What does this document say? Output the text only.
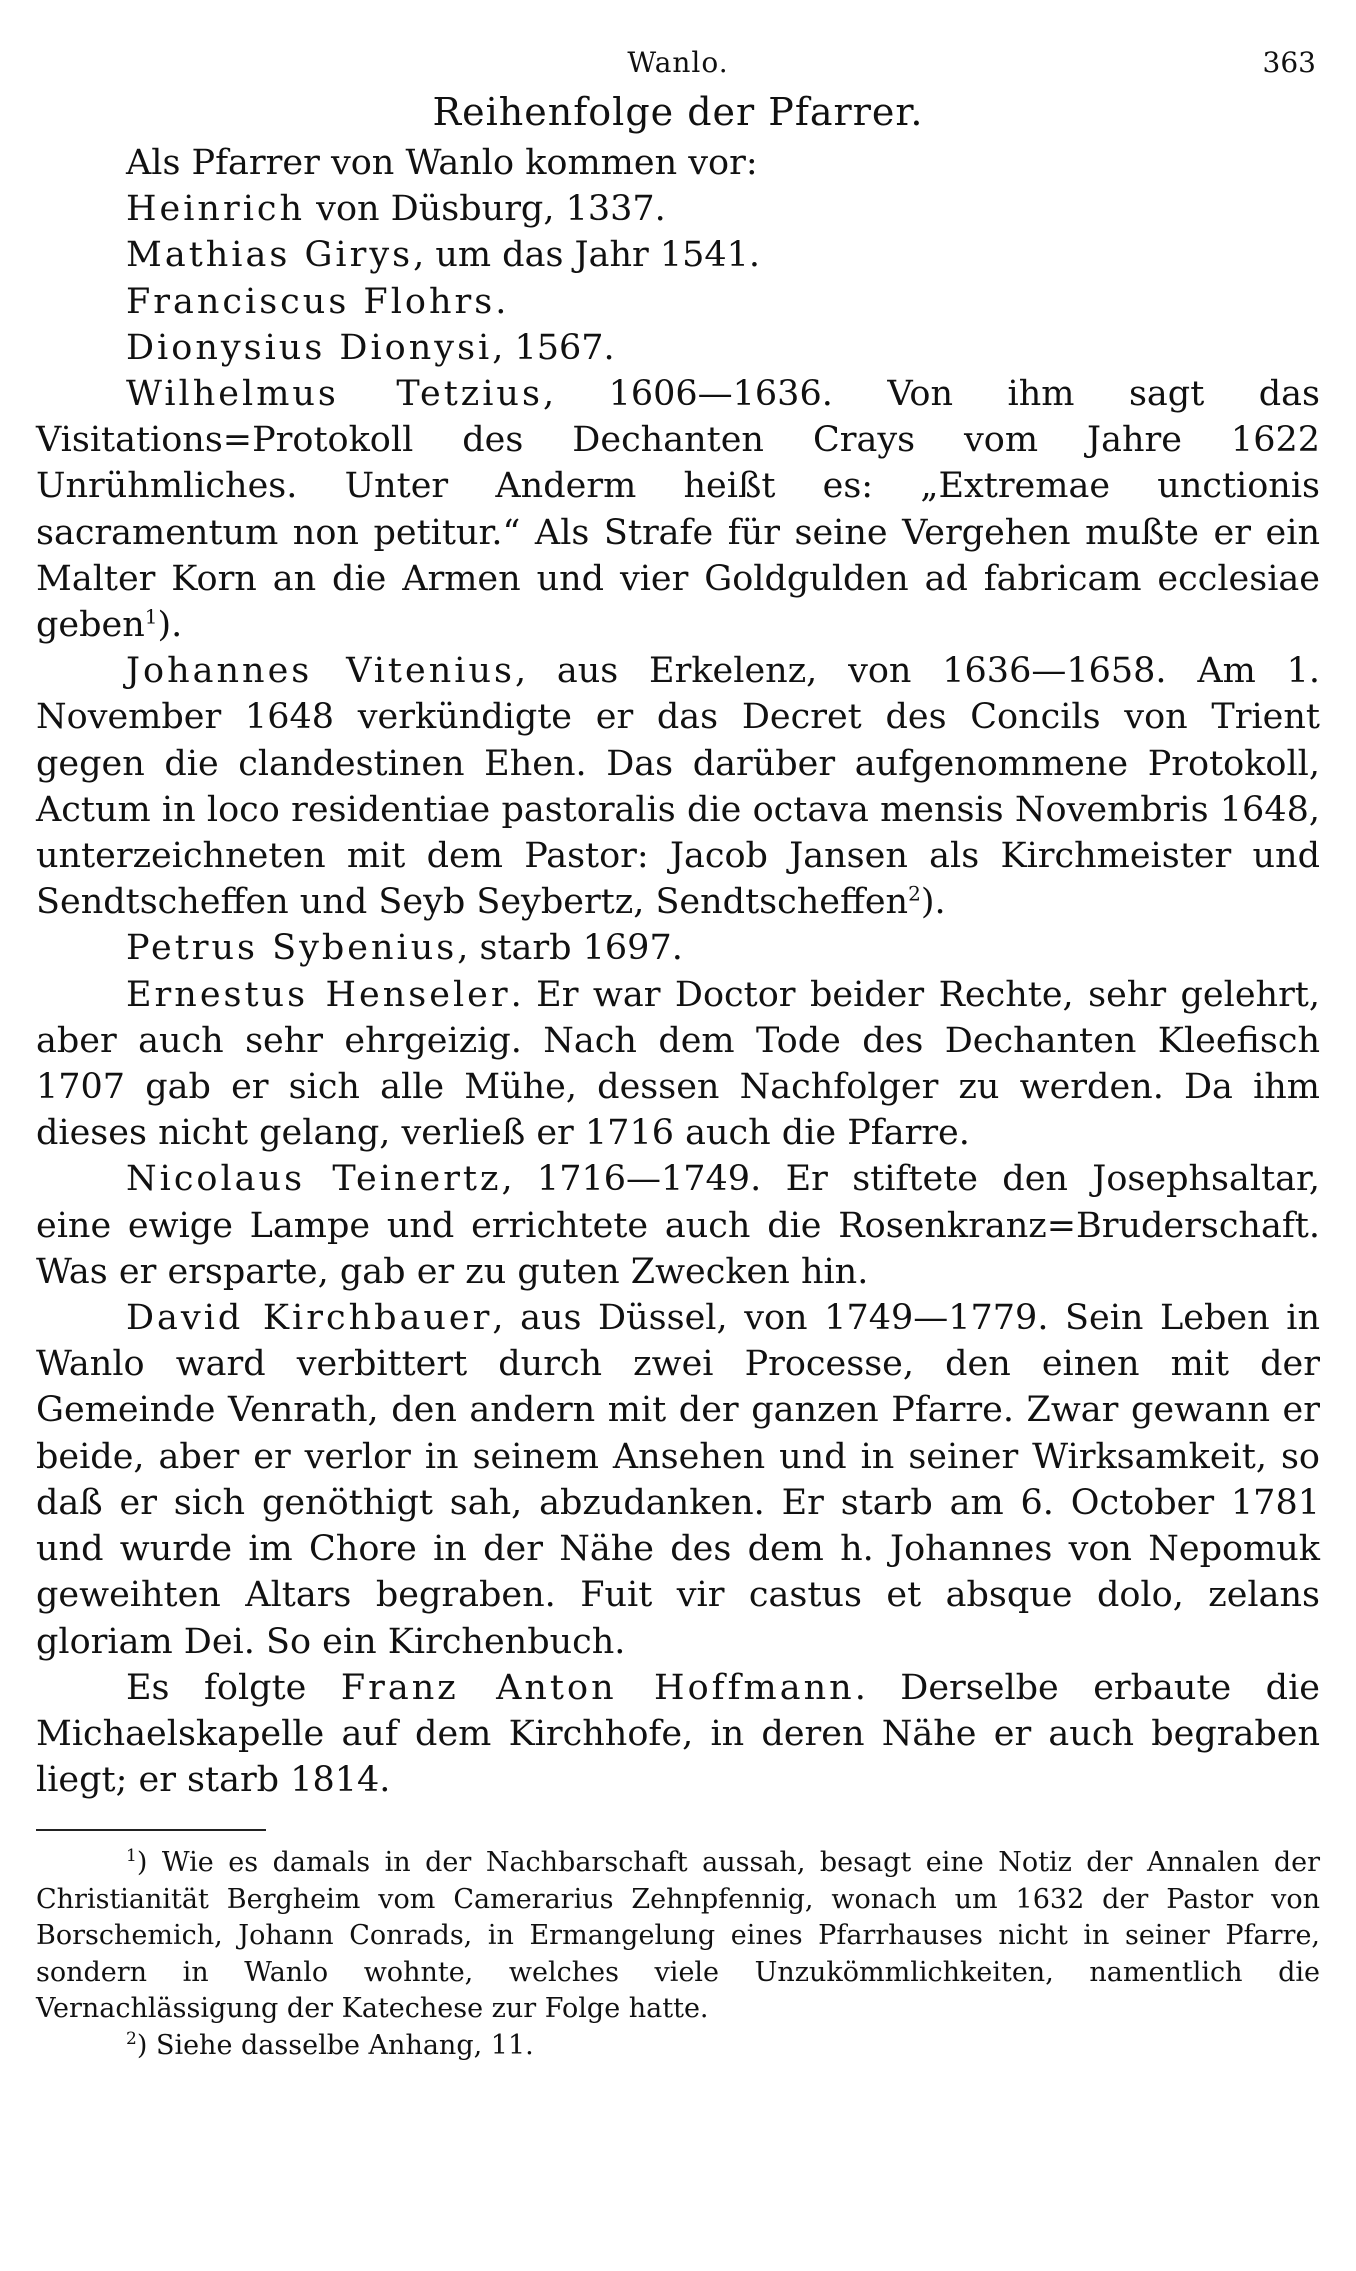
Wanlo.	363
Reihenfolge der Pfarrer.

Als Pfarrer von Wanlo kommen vor:

Heinrich von Düsburg, 1337.

Mathias Girys, um das Jahr 1541.

Franciscus Flohrs.

Dionysius Dionysi, 1567.

Wilhelmus Tetzius, 1606—1636. Von ihm sagt das Visitations=Protokoll des Dechanten Crays vom Jahre 1622 Unrühmliches. Unter Anderm heißt es: „Extremae unctionis sacramentum non petitur.“ Als Strafe für seine Vergehen mußte er ein Malter Korn an die Armen und vier Goldgulden ad fabricam ecclesiae geben$^1$).

Johannes Vitenius, aus Erkelenz, von 1636—1658. Am 1. November 1648 verkündigte er das Decret des Concils von Trient gegen die clandestinen Ehen. Das darüber aufgenommene Protokoll, Actum in loco residentiae pastoralis die octava mensis Novembris 1648, unterzeichneten mit dem Pastor: Jacob Jansen als Kirchmeister und Sendtscheffen und Seyb Seybertz, Sendtscheffen$^2$).

Petrus Sybenius, starb 1697.

Ernestus Henseler. Er war Doctor beider Rechte, sehr gelehrt, aber auch sehr ehrgeizig. Nach dem Tode des Dechanten Kleefisch 1707 gab er sich alle Mühe, dessen Nachfolger zu werden. Da ihm dieses nicht gelang, verließ er 1716 auch die Pfarre.

Nicolaus Teinertz, 1716—1749. Er stiftete den Josephsaltar, eine ewige Lampe und errichtete auch die Rosenkranz=Bruderschaft. Was er ersparte, gab er zu guten Zwecken hin.

David Kirchbauer, aus Düssel, von 1749—1779. Sein Leben in Wanlo ward verbittert durch zwei Processe, den einen mit der Gemeinde Venrath, den andern mit der ganzen Pfarre. Zwar gewann er beide, aber er verlor in seinem Ansehen und in seiner Wirksamkeit, so daß er sich genöthigt sah, abzudanken. Er starb am 6. October 1781 und wurde im Chore in der Nähe des dem h. Johannes von Nepomuk geweihten Altars begraben. Fuit vir castus et absque dolo, zelans gloriam Dei. So ein Kirchenbuch.

Es folgte Franz Anton Hoffmann. Derselbe erbaute die Michaelskapelle auf dem Kirchhofe, in deren Nähe er auch begraben liegt; er starb 1814.

$^1$) Wie es damals in der Nachbarschaft aussah, besagt eine Notiz der Annalen der Christianität Bergheim vom Camerarius Zehnpfennig, wonach um 1632 der Pastor von Borschemich, Johann Conrads, in Ermangelung eines Pfarrhauses nicht in seiner Pfarre, sondern in Wanlo wohnte, welches viele Unzukömmlichkeiten, namentlich die Vernachlässigung der Katechese zur Folge hatte.

$^2$) Siehe dasselbe Anhang, 11.
